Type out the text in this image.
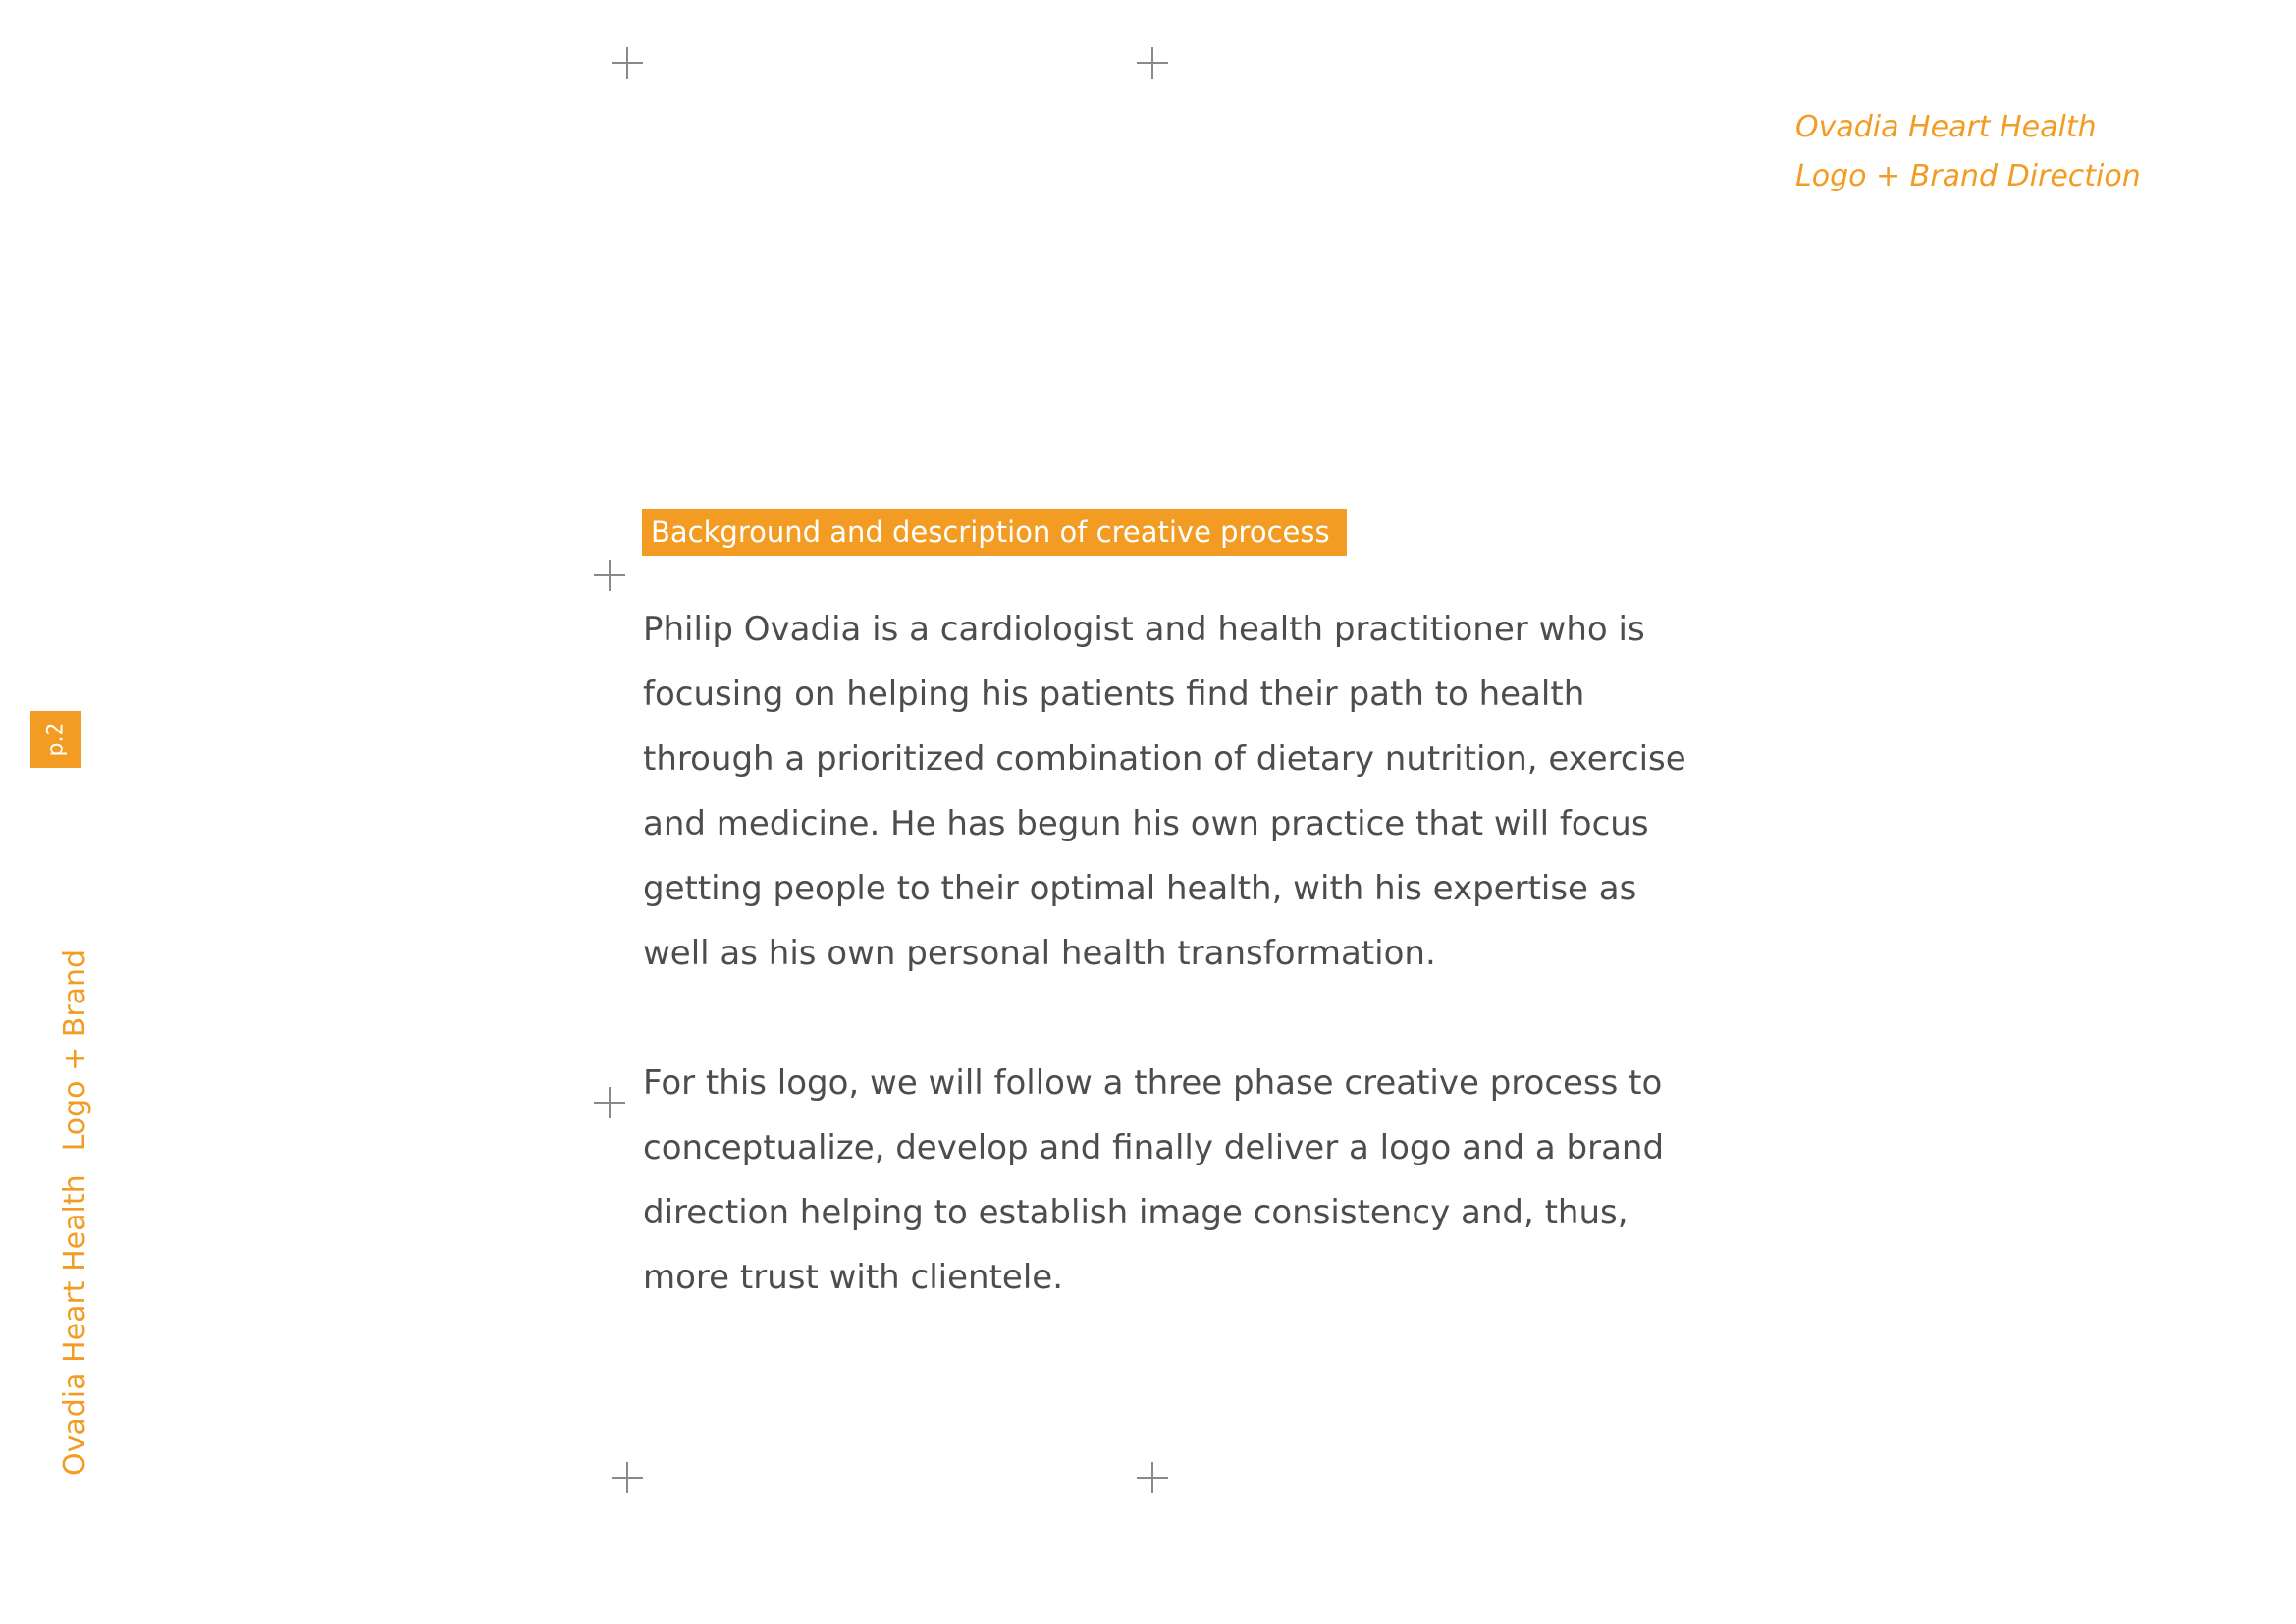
Ovadia Heart Health
Logo + Brand Direction
Background and description of creative process

Philip Ovadia is a cardiologist and health practitioner who is focusing on helping his patients find their path to health through a prioritized combination of dietary nutrition, exercise and medicine. He has begun his own practice that will focus getting people to their optimal health, with his expertise as well as his own personal health transformation.

For this logo, we will follow a three phase creative process to conceptualize, develop and finally deliver a logo and a brand direction helping to establish image consistency and, thus, more trust with clientele.

p.2
Ovadia Heart HealthLogo + Brand
